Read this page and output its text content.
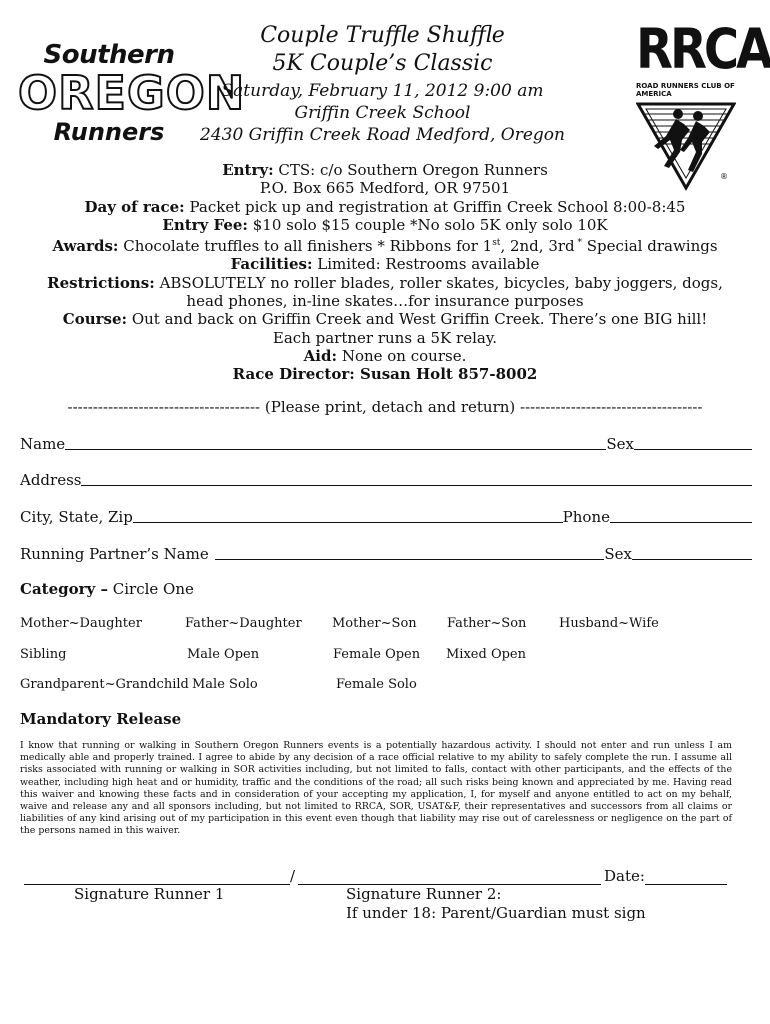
Southern
OREGON
Runners
Couple Truffle Shuffle
5K Couple’s Classic
Saturday, February 11, 2012 9:00 am
Griffin Creek School
2430 Griffin Creek Road Medford, Oregon
RRCA
ROAD RUNNERS CLUB OF AMERICA
®
Entry: CTS: c/o Southern Oregon Runners
P.O. Box 665 Medford, OR 97501
Day of race: Packet pick up and registration at Griffin Creek School 8:00-8:45
Entry Fee: $10 solo $15 couple *No solo 5K only solo 10K
Awards: Chocolate truffles to all finishers * Ribbons for 1st, 2nd, 3rd * Special drawings
Facilities: Limited: Restrooms available
Restrictions: ABSOLUTELY no roller blades, roller skates, bicycles, baby joggers, dogs, head phones, in-line skates…for insurance purposes
Course: Out and back on Griffin Creek and West Griffin Creek. There’s one BIG hill! Each partner runs a 5K relay.
Aid: None on course.
Race Director: Susan Holt 857-8002
-------------------------------------- (Please print, detach and return) ------------------------------------
Name	Sex
Address
City, State, Zip	Phone
Running Partner’s Name	Sex
Category – Circle One
Mother~Daughter	Father~Daughter Mother~Son Father~Son	Husband~Wife
Sibling	Male Open	Female Open Mixed Open
Grandparent~Grandchild Male Solo	Female Solo
Mandatory Release
I know that running or walking in Southern Oregon Runners events is a potentially hazardous activity. I should not enter and run unless I am medically able and properly trained. I agree to abide by any decision of a race official relative to my ability to safely complete the run. I assume all risks associated with running or walking in SOR activities including, but not limited to falls, contact with other participants, and the effects of the weather, including high heat and or humidity, traffic and the conditions of the road; all such risks being known and appreciated by me. Having read this waiver and knowing these facts and in consideration of your accepting my application, I, for myself and anyone entitled to act on my behalf, waive and release any and all sponsors including, but not limited to RRCA, SOR, USAT&F, their representatives and successors from all claims or liabilities of any kind arising out of my participation in this event even though that liability may rise out of carelessness or negligence on the part of the persons named in this waiver.
/	Date:
Signature Runner 1	Signature Runner 2:
If under 18: Parent/Guardian must sign
